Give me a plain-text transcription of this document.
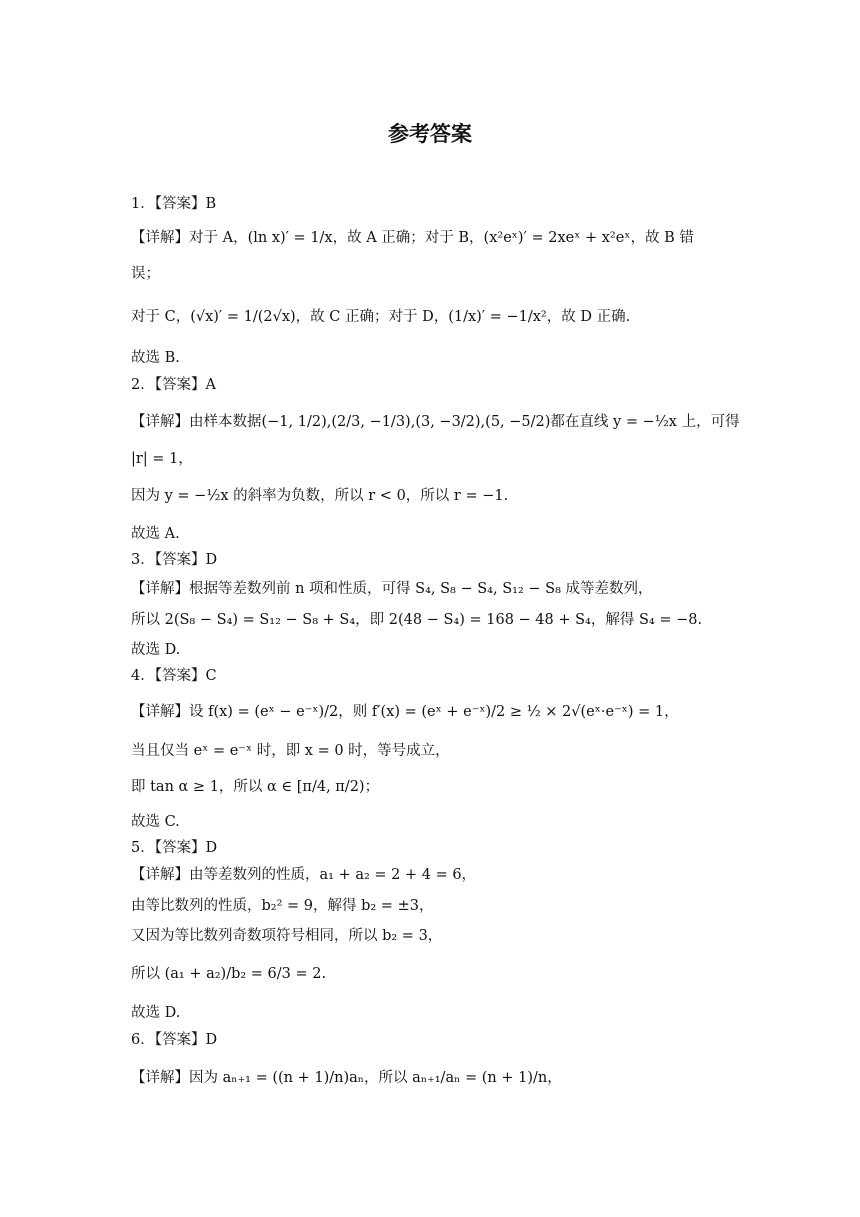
参考答案
1．【答案】B
【详解】对于 A，(ln x)′ = 1/x，故 A 正确；对于 B，(x²eˣ)′ = 2xeˣ + x²eˣ，故 B 错
误；
对于 C，(√x)′ = 1/(2√x)，故 C 正确；对于 D，(1/x)′ = −1/x²，故 D 正确.
故选 B.
2．【答案】A
【详解】由样本数据(−1, 1/2),(2/3, −1/3),(3, −3/2),(5, −5/2)都在直线 y = −½x 上，可得
|r| = 1，
因为 y = −½x 的斜率为负数，所以 r < 0，所以 r = −1.
故选 A.
3．【答案】D
【详解】根据等差数列前 n 项和性质，可得 S₄, S₈ − S₄, S₁₂ − S₈ 成等差数列，
所以 2(S₈ − S₄) = S₁₂ − S₈ + S₄，即 2(48 − S₄) = 168 − 48 + S₄，解得 S₄ = −8.
故选 D.
4．【答案】C
【详解】设 f(x) = (eˣ − e⁻ˣ)/2，则 f′(x) = (eˣ + e⁻ˣ)/2 ≥ ½ × 2√(eˣ·e⁻ˣ) = 1，
当且仅当 eˣ = e⁻ˣ 时，即 x = 0 时，等号成立，
即 tan α ≥ 1，所以 α ∈ [π/4, π/2)；
故选 C.
5．【答案】D
【详解】由等差数列的性质，a₁ + a₂ = 2 + 4 = 6，
由等比数列的性质，b₂² = 9，解得 b₂ = ±3，
又因为等比数列奇数项符号相同，所以 b₂ = 3，
所以 (a₁ + a₂)/b₂ = 6/3 = 2.
故选 D.
6．【答案】D
【详解】因为 aₙ₊₁ = ((n + 1)/n)aₙ，所以 aₙ₊₁/aₙ = (n + 1)/n，
